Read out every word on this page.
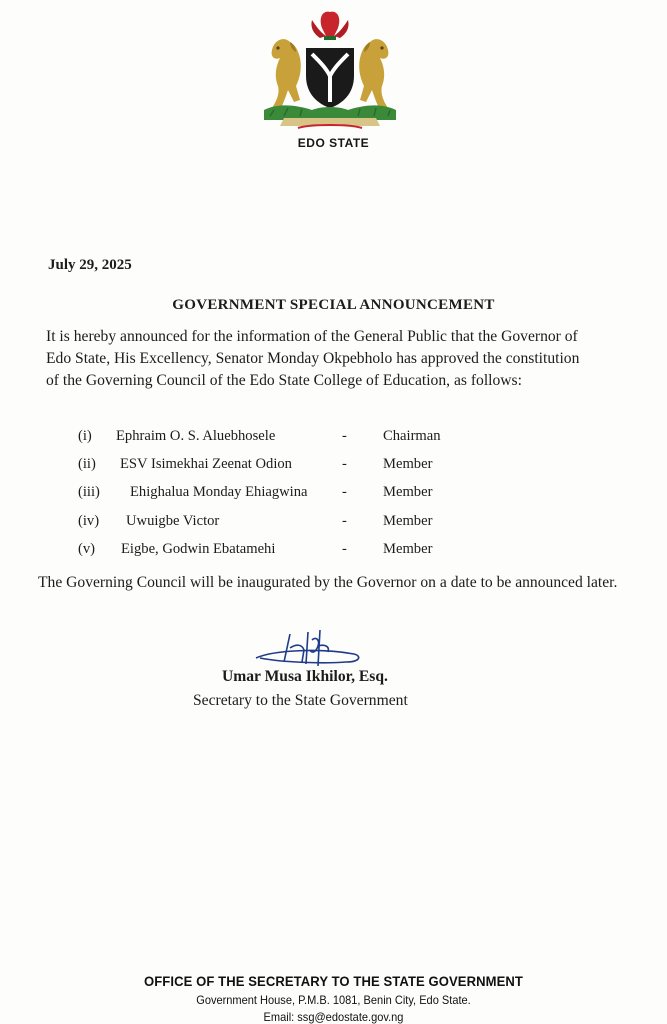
EDO STATE
July 29, 2025
GOVERNMENT SPECIAL ANNOUNCEMENT

It is hereby announced for the information of the General Public that the Governor of Edo State, His Excellency, Senator Monday Okpebholo has approved the constitution of the Governing Council of the Edo State College of Education, as follows:

(i) Ephraim O. S. Aluebhosele	- Chairman
(ii) ESV Isimekhai Zeenat Odion	- Member
(iii) Ehighalua Monday Ehiagwina - Member
(iv) Uwuigbe Victor	- Member
(v) Eigbe, Godwin Ebatamehi	- Member

The Governing Council will be inaugurated by the Governor on a date to be announced later.

Umar Musa Ikhilor, Esq.
Secretary to the State Government
OFFICE OF THE SECRETARY TO THE STATE GOVERNMENT
Government House, P.M.B. 1081, Benin City, Edo State.
Email: ssg@edostate.gov.ng
